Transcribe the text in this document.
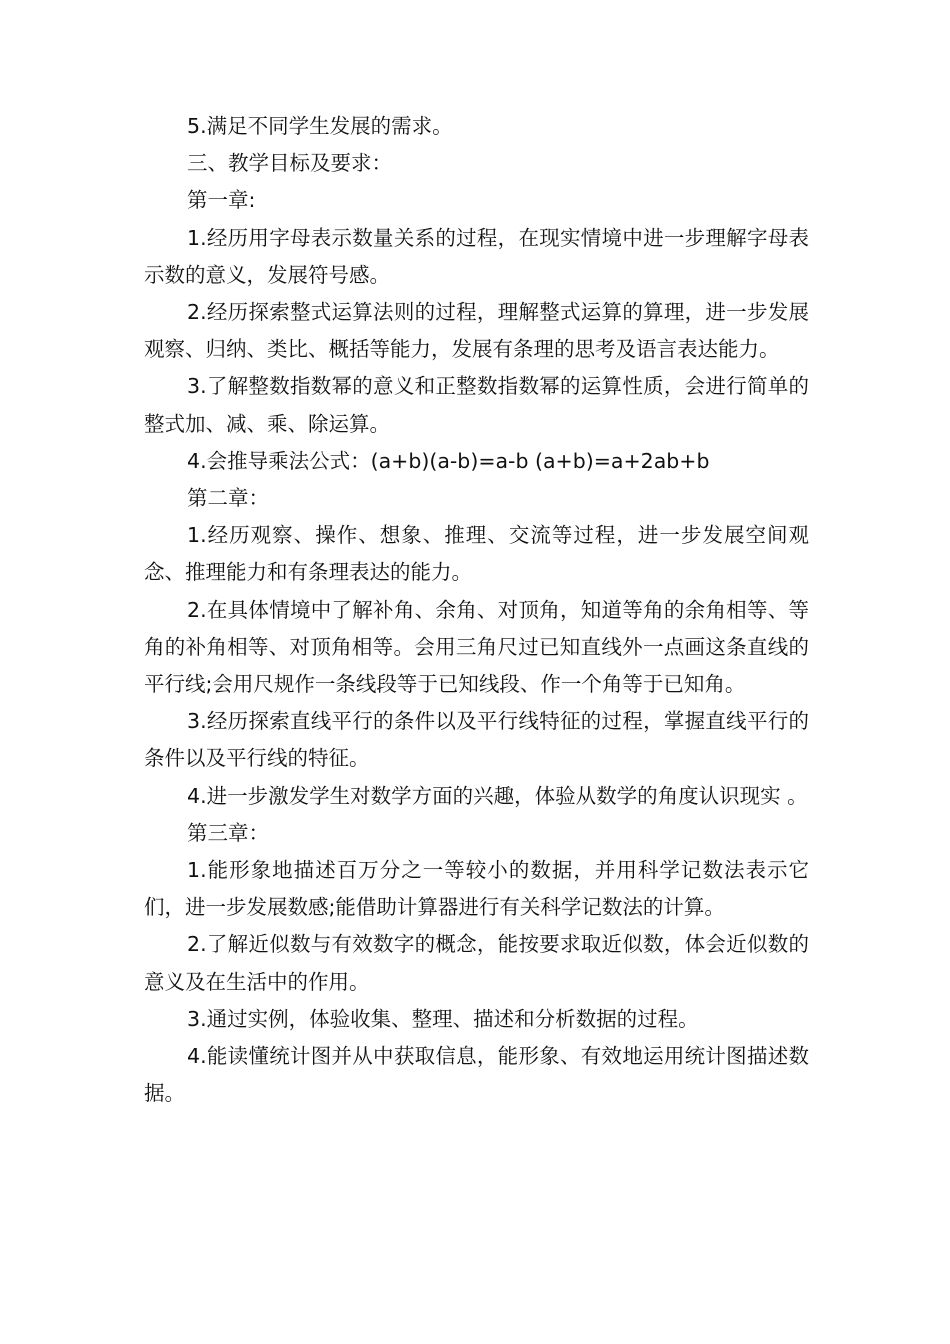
5.满足不同学生发展的需求。

三、教学目标及要求：

第一章:

1.经历用字母表示数量关系的过程，在现实情境中进一步理解字母表示数的意义，发展符号感。

2.经历探索整式运算法则的过程，理解整式运算的算理，进一步发展观察、归纳、类比、概括等能力，发展有条理的思考及语言表达能力。

3.了解整数指数幂的意义和正整数指数幂的运算性质，会进行简单的整式加、减、乘、除运算。

4.会推导乘法公式：(a+b)(a-b)=a-b (a+b)=a+2ab+b

第二章：

1.经历观察、操作、想象、推理、交流等过程，进一步发展空间观念、推理能力和有条理表达的能力。

2.在具体情境中了解补角、余角、对顶角，知道等角的余角相等、等角的补角相等、对顶角相等。会用三角尺过已知直线外一点画这条直线的平行线;会用尺规作一条线段等于已知线段、作一个角等于已知角。

3.经历探索直线平行的条件以及平行线特征的过程，掌握直线平行的条件以及平行线的特征。

4.进一步激发学生对数学方面的兴趣，体验从数学的角度认识现实 。

第三章：

1.能形象地描述百万分之一等较小的数据，并用科学记数法表示它们，进一步发展数感;能借助计算器进行有关科学记数法的计算。

2.了解近似数与有效数字的概念，能按要求取近似数，体会近似数的意义及在生活中的作用。

3.通过实例，体验收集、整理、描述和分析数据的过程。

4.能读懂统计图并从中获取信息，能形象、有效地运用统计图描述数据。
